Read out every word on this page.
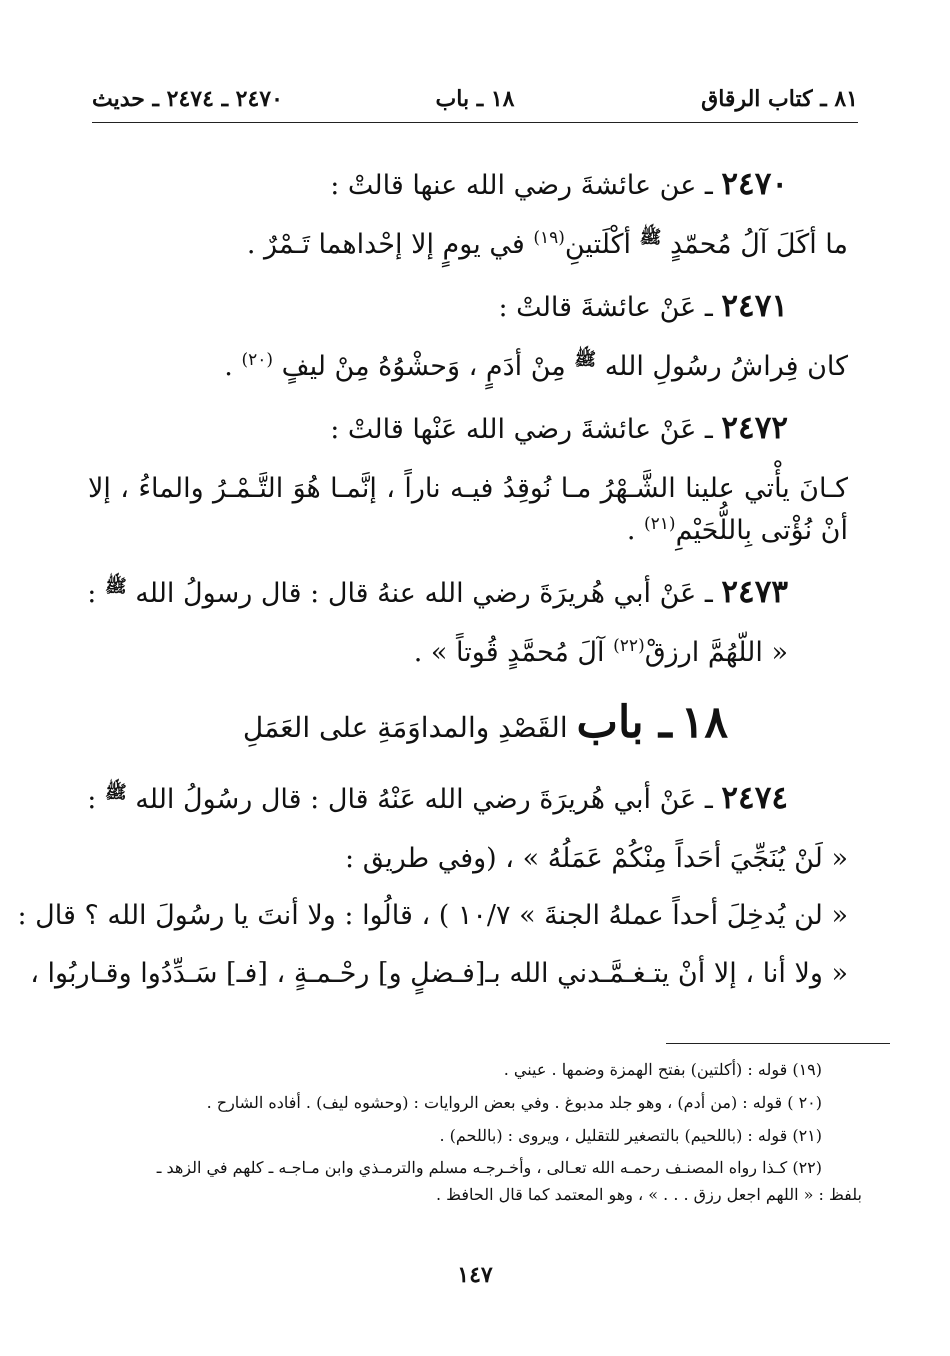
٨١ ـ كتاب الرقاق
١٨ ـ باب
٢٤٧٠ ـ ٢٤٧٤ ـ حديث
٢٤٧٠ ـ عن عائشةَ رضي الله عنها قالتْ :
ما أكَلَ آلُ مُحمّدٍ $^ﷺ$ أكْلَتينِ$^{(١٩)}$ في يومٍ إلا إحْداهما تَـمْرٌ .
٢٤٧١ ـ عَنْ عائشةَ قالتْ :
كان فِراشُ رسُولِ الله $^ﷺ$ مِنْ أدَمٍ ، وَحشْوُهُ مِنْ ليفٍ $^{(٢٠)}$ .
٢٤٧٢ ـ عَنْ عائشةَ رضي الله عَنْها قالتْ :
كـانَ يأْتي علينا الشَّـهْرُ مـا نُوقِدُ فيـه ناراً ، إنَّمـا هُوَ التَّـمْـرُ والماءُ ، إلا أنْ نُؤْتى بِاللُّحَيْمِ$^{(٢١)}$ .
٢٤٧٣ ـ عَنْ أبي هُريرَةَ رضي الله عنهُ قال : قال رسولُ الله $^ﷺ$ :
« اللّهُمَّ ارزقْ$^{(٢٢)}$ آلَ مُحمَّدٍ قُوتاً » .
١٨ ـ باب القَصْدِ والمداوَمَةِ على العَمَلِ
٢٤٧٤ ـ عَنْ أبي هُريرَةَ رضي الله عَنْهُ قال : قال رسُولُ الله $^ﷺ$ :
« لَنْ يُنَجِّيَ أحَداً مِنْكُمْ عَمَلُهُ » ، (وفي طريق :
« لن يُدخِلَ أحداً عملهُ الجنةَ » ١٠/٧ ) ، قالُوا : ولا أنتَ يا رسُولَ الله ؟ قال :
« ولا أنا ، إلا أنْ يتـغـمَّـدني الله بـ[فـضلٍ و] رحْـمـةٍ ، [فـ] سَـدِّدُوا وقـاربُوا ،
(١٩) قوله : (أكلتين) بفتح الهمزة وضمها . عيني .
(٢٠ ) قوله : (من أدم) ، وهو جلد مدبوغ . وفي بعض الروايات : (وحشوه ليف) . أفاده الشارح .
(٢١) قوله : (باللحيم) بالتصغير للتقليل ، ويروى : (باللحم) .
(٢٢) كـذا رواه المصنـف رحمـه الله تعـالى ، وأخـرجـه مسلم والترمـذي وابن مـاجـه ـ كلهم في الزهد ـ
بلفظ : « اللهم اجعل رزق . . . » ، وهو المعتمد كما قال الحافظ .
١٤٧
